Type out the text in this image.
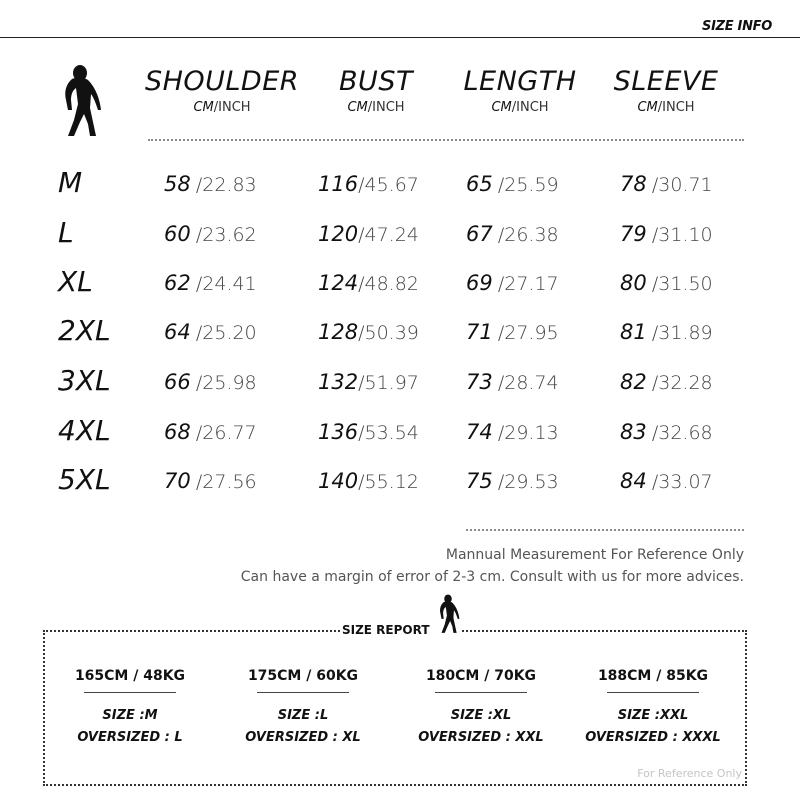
SIZE INFO
SHOULDER
CM/INCH
BUST
CM/INCH
LENGTH
CM/INCH
SLEEVE
CM/INCH
M	58 /22.83	116/45.67 65 /25.59	78 /30.71
L	60 /23.62	120/47.24 67 /26.38	79 /31.10
XL	62 /24.41	124/48.82 69 /27.17	80 /31.50
2XL	64 /25.20	128/50.39 71 /27.95	81 /31.89
3XL	66 /25.98	132/51.97 73 /28.74	82 /32.28
4XL	68 /26.77	136/53.54 74 /29.13	83 /32.68
5XL	70 /27.56	140/55.12 75 /29.53	84 /33.07
Mannual Measurement For Reference Only
Can have a margin of error of 2-3 cm. Consult with us for more advices.
SIZE REPORT
165CM / 48KG
SIZE :M
OVERSIZED : L
175CM / 60KG
SIZE :L
OVERSIZED : XL
180CM / 70KG
SIZE :XL
OVERSIZED : XXL
188CM / 85KG
SIZE :XXL
OVERSIZED : XXXL
For Reference Only
